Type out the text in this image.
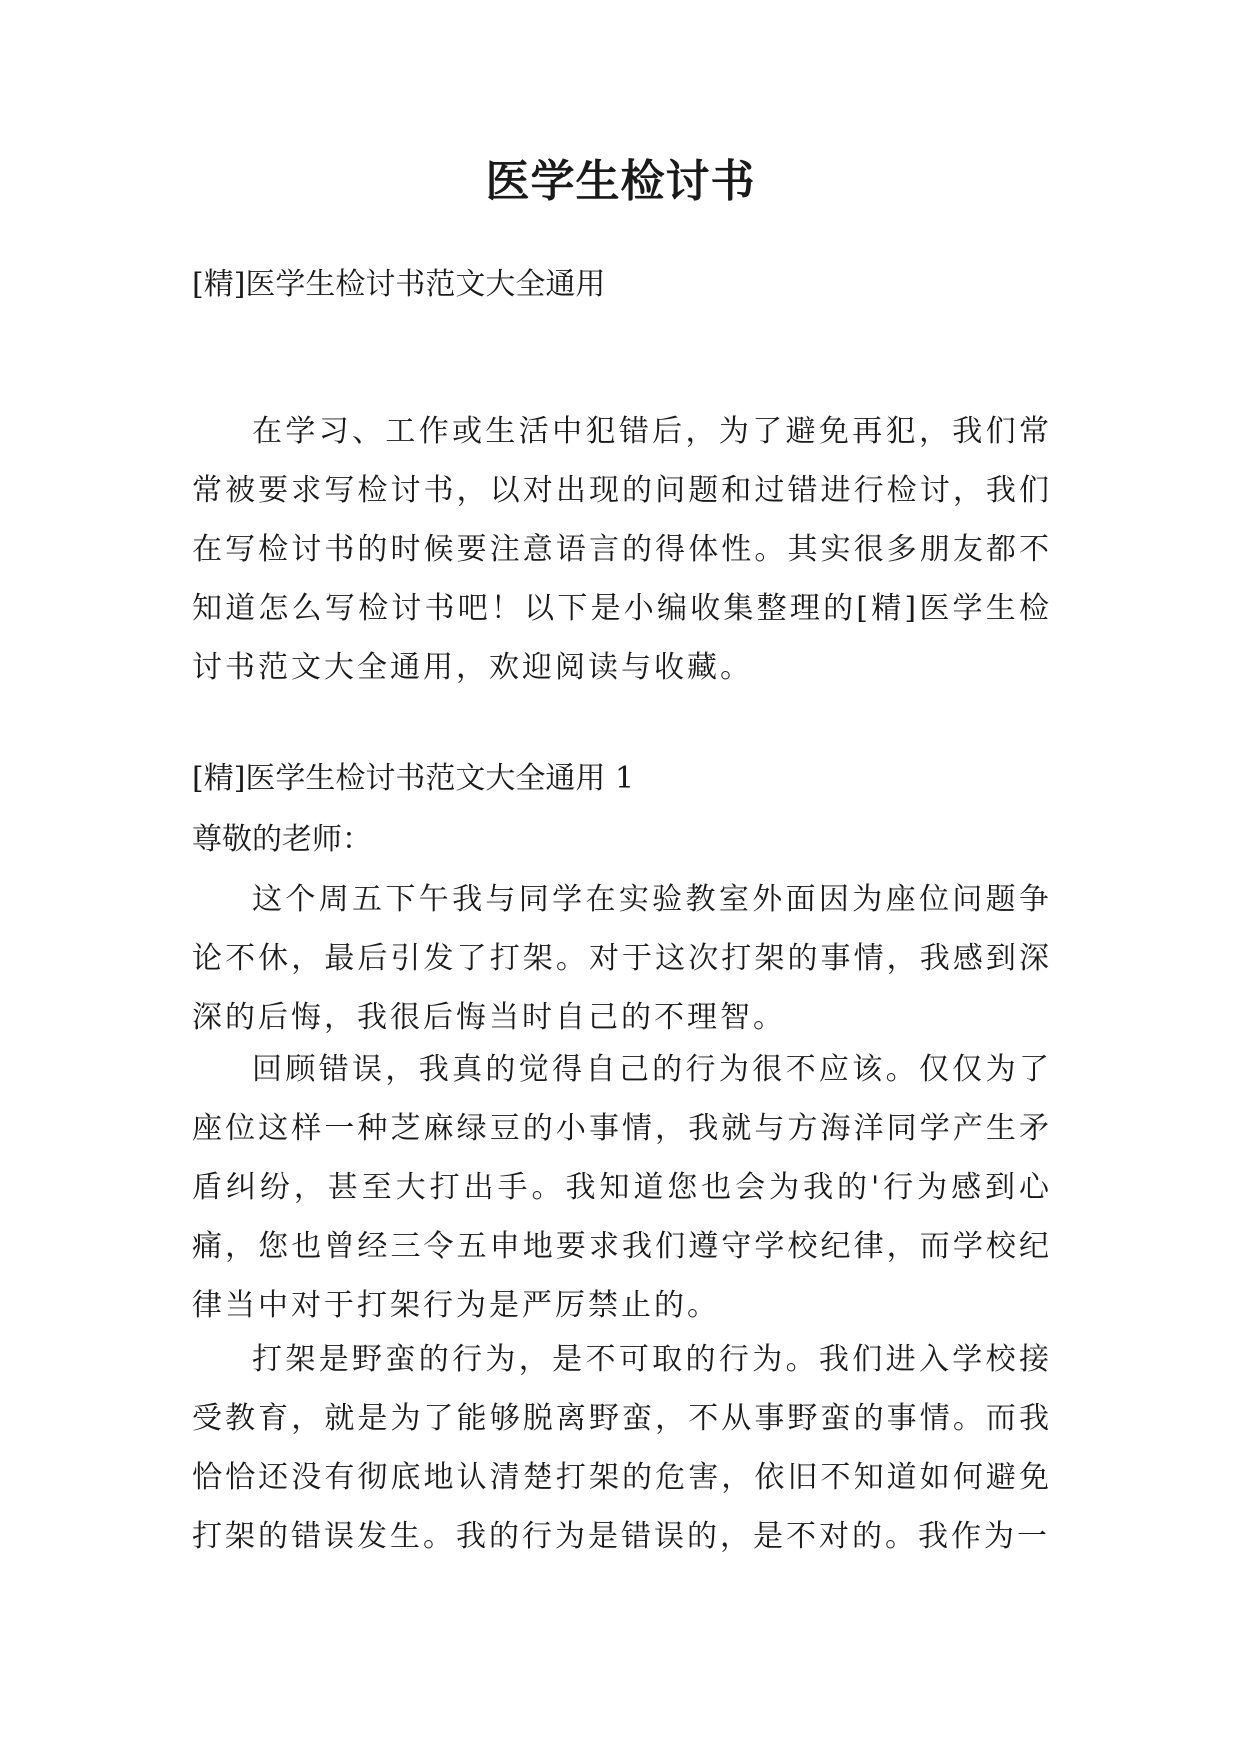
医学生检讨书

[精]医学生检讨书范文大全通用

在学习、工作或生活中犯错后，为了避免再犯，我们常常被要求写检讨书，以对出现的问题和过错进行检讨，我们在写检讨书的时候要注意语言的得体性。其实很多朋友都不知道怎么写检讨书吧！以下是小编收集整理的[精]医学生检讨书范文大全通用，欢迎阅读与收藏。

[精]医学生检讨书范文大全通用 1

尊敬的老师：

这个周五下午我与同学在实验教室外面因为座位问题争论不休，最后引发了打架。对于这次打架的事情，我感到深深的后悔，我很后悔当时自己的不理智。

回顾错误，我真的觉得自己的行为很不应该。仅仅为了座位这样一种芝麻绿豆的小事情，我就与方海洋同学产生矛盾纠纷，甚至大打出手。我知道您也会为我的'行为感到心痛，您也曾经三令五申地要求我们遵守学校纪律，而学校纪律当中对于打架行为是严厉禁止的。

打架是野蛮的行为，是不可取的行为。我们进入学校接受教育，就是为了能够脱离野蛮，不从事野蛮的事情。而我恰恰还没有彻底地认清楚打架的危害，依旧不知道如何避免打架的错误发生。我的行为是错误的，是不对的。我作为一
